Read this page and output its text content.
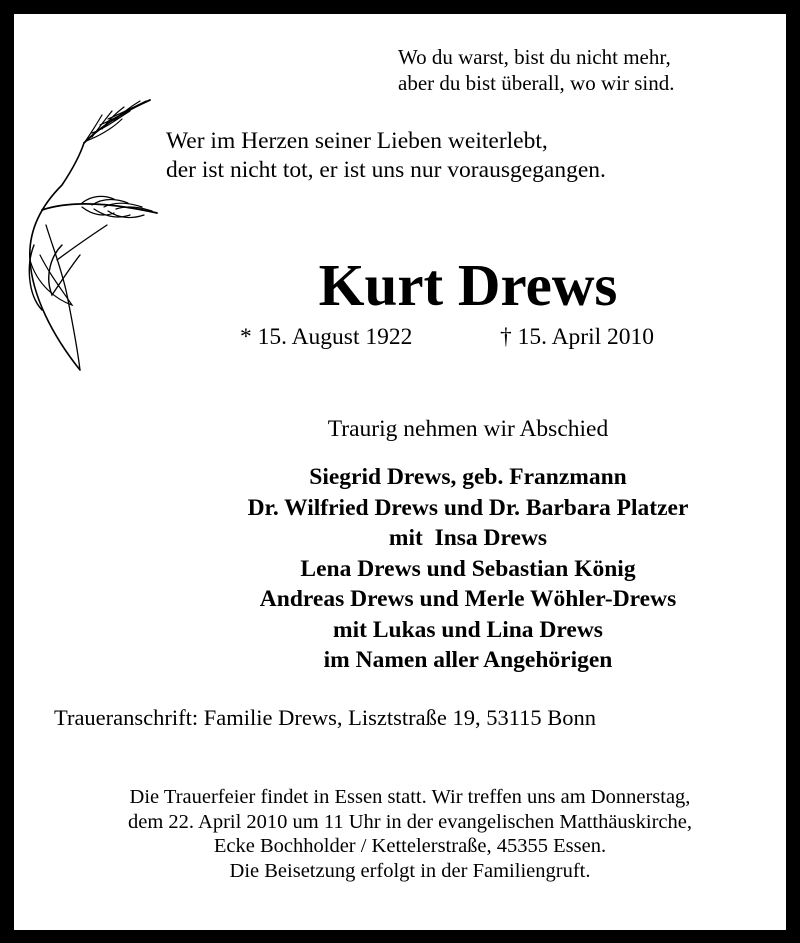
Wo du warst, bist du nicht mehr,
aber du bist überall, wo wir sind.
Wer im Herzen seiner Lieben weiterlebt,
der ist nicht tot, er ist uns nur vorausgegangen.
Kurt Drews
* 15. August 1922	† 15. April 2010
Traurig nehmen wir Abschied
Siegrid Drews, geb. Franzmann
Dr. Wilfried Drews und Dr. Barbara Platzer
mit  Insa Drews
Lena Drews und Sebastian König
Andreas Drews und Merle Wöhler-Drews
mit Lukas und Lina Drews
im Namen aller Angehörigen
Traueranschrift: Familie Drews, Lisztstraße 19, 53115 Bonn
Die Trauerfeier findet in Essen statt. Wir treffen uns am Donnerstag,
dem 22. April 2010 um 11 Uhr in der evangelischen Matthäuskirche,
Ecke Bochholder / Kettelerstraße, 45355 Essen.
Die Beisetzung erfolgt in der Familiengruft.
